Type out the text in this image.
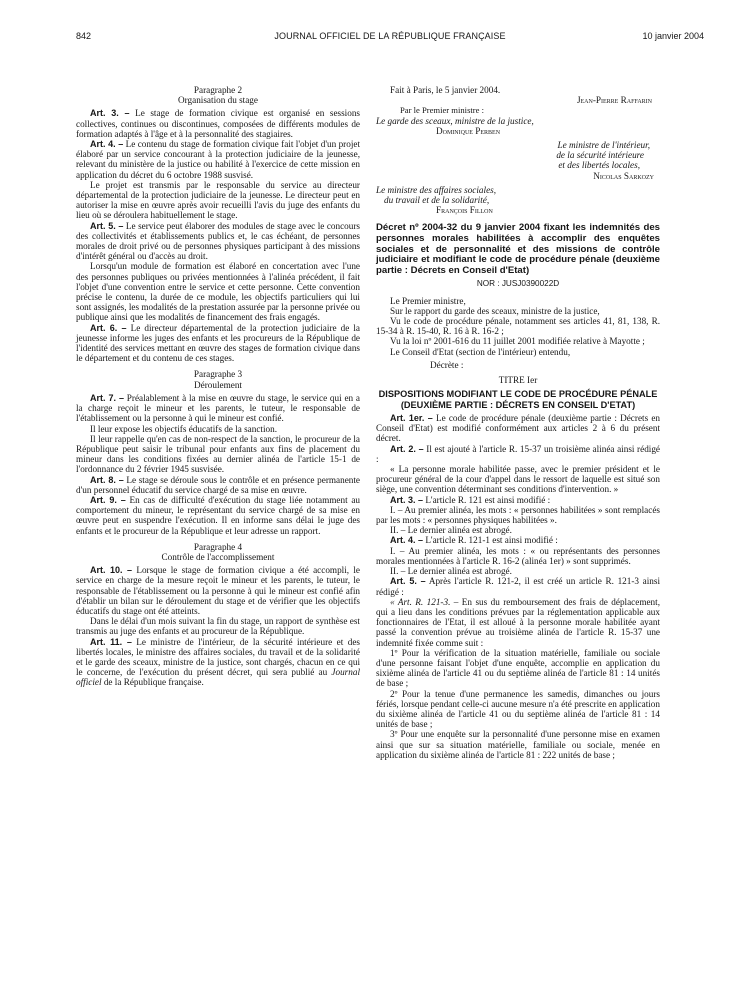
842	JOURNAL OFFICIEL DE LA RÉPUBLIQUE FRANÇAISE	10 janvier 2004

Paragraphe 2

Organisation du stage

Art. 3. – Le stage de formation civique est organisé en sessions collectives, continues ou discontinues, composées de différents modules de formation adaptés à l'âge et à la personnalité des stagiaires.

Art. 4. – Le contenu du stage de formation civique fait l'objet d'un projet élaboré par un service concourant à la protection judiciaire de la jeunesse, relevant du ministère de la justice ou habilité à l'exercice de cette mission en application du décret du 6 octobre 1988 susvisé.

Le projet est transmis par le responsable du service au directeur départemental de la protection judiciaire de la jeunesse. Le directeur peut en autoriser la mise en œuvre après avoir recueilli l'avis du juge des enfants du lieu où se déroulera habituellement le stage.

Art. 5. – Le service peut élaborer des modules de stage avec le concours des collectivités et établissements publics et, le cas échéant, de personnes morales de droit privé ou de personnes physiques participant à des missions d'intérêt général ou d'accès au droit.

Lorsqu'un module de formation est élaboré en concertation avec l'une des personnes publiques ou privées mentionnées à l'alinéa précédent, il fait l'objet d'une convention entre le service et cette personne. Cette convention précise le contenu, la durée de ce module, les objectifs particuliers qui lui sont assignés, les modalités de la prestation assurée par la personne privée ou publique ainsi que les modalités de financement des frais engagés.

Art. 6. – Le directeur départemental de la protection judiciaire de la jeunesse informe les juges des enfants et les procureurs de la République de l'identité des services mettant en œuvre des stages de formation civique dans le département et du contenu de ces stages.

Paragraphe 3

Déroulement

Art. 7. – Préalablement à la mise en œuvre du stage, le service qui en a la charge reçoit le mineur et les parents, le tuteur, le responsable de l'établissement ou la personne à qui le mineur est confié.

Il leur expose les objectifs éducatifs de la sanction.

Il leur rappelle qu'en cas de non-respect de la sanction, le procureur de la République peut saisir le tribunal pour enfants aux fins de placement du mineur dans les conditions fixées au dernier alinéa de l'article 15-1 de l'ordonnance du 2 février 1945 susvisée.

Art. 8. – Le stage se déroule sous le contrôle et en présence permanente d'un personnel éducatif du service chargé de sa mise en œuvre.

Art. 9. – En cas de difficulté d'exécution du stage liée notamment au comportement du mineur, le représentant du service chargé de sa mise en œuvre peut en suspendre l'exécution. Il en informe sans délai le juge des enfants et le procureur de la République et leur adresse un rapport.

Paragraphe 4

Contrôle de l'accomplissement

Art. 10. – Lorsque le stage de formation civique a été accompli, le service en charge de la mesure reçoit le mineur et les parents, le tuteur, le responsable de l'établissement ou la personne à qui le mineur est confié afin d'établir un bilan sur le déroulement du stage et de vérifier que les objectifs éducatifs du stage ont été atteints.

Dans le délai d'un mois suivant la fin du stage, un rapport de synthèse est transmis au juge des enfants et au procureur de la République.

Art. 11. – Le ministre de l'intérieur, de la sécurité intérieure et des libertés locales, le ministre des affaires sociales, du travail et de la solidarité et le garde des sceaux, ministre de la justice, sont chargés, chacun en ce qui le concerne, de l'exécution du présent décret, qui sera publié au Journal officiel de la République française.

Fait à Paris, le 5 janvier 2004.

Jean-Pierre Raffarin

Par le Premier ministre :

Le garde des sceaux, ministre de la justice,

Dominique Perben

Le ministre de l'intérieur,

de la sécurité intérieure

et des libertés locales,

Nicolas Sarkozy

Le ministre des affaires sociales,

du travail et de la solidarité,

François Fillon

Décret nº 2004-32 du 9 janvier 2004 fixant les indemnités des personnes morales habilitées à accomplir des enquêtes sociales et de personnalité et des missions de contrôle judiciaire et modifiant le code de procédure pénale (deuxième partie : Décrets en Conseil d'Etat)

NOR : JUSJ0390022D

Le Premier ministre,

Sur le rapport du garde des sceaux, ministre de la justice,

Vu le code de procédure pénale, notamment ses articles 41, 81, 138, R. 15-34 à R. 15-40, R. 16 à R. 16-2 ;

Vu la loi nº 2001-616 du 11 juillet 2001 modifiée relative à Mayotte ;

Le Conseil d'Etat (section de l'intérieur) entendu,

Décrète :

TITRE Ier

DISPOSITIONS MODIFIANT LE CODE DE PROCÉDURE PÉNALE (DEUXIÈME PARTIE : DÉCRETS EN CONSEIL D'ETAT)

Art. 1er. – Le code de procédure pénale (deuxième partie : Décrets en Conseil d'Etat) est modifié conformément aux articles 2 à 6 du présent décret.

Art. 2. – Il est ajouté à l'article R. 15-37 un troisième alinéa ainsi rédigé :

« La personne morale habilitée passe, avec le premier président et le procureur général de la cour d'appel dans le ressort de laquelle est situé son siège, une convention déterminant ses conditions d'intervention. »

Art. 3. – L'article R. 121 est ainsi modifié :

I. – Au premier alinéa, les mots : « personnes habilitées » sont remplacés par les mots : « personnes physiques habilitées ».

II. – Le dernier alinéa est abrogé.

Art. 4. – L'article R. 121-1 est ainsi modifié :

I. – Au premier alinéa, les mots : « ou représentants des personnes morales mentionnées à l'article R. 16-2 (alinéa 1er) » sont supprimés.

II. – Le dernier alinéa est abrogé.

Art. 5. – Après l'article R. 121-2, il est créé un article R. 121-3 ainsi rédigé :

« Art. R. 121-3. – En sus du remboursement des frais de déplacement, qui a lieu dans les conditions prévues par la réglementation applicable aux fonctionnaires de l'Etat, il est alloué à la personne morale habilitée ayant passé la convention prévue au troisième alinéa de l'article R. 15-37 une indemnité fixée comme suit :

1º Pour la vérification de la situation matérielle, familiale ou sociale d'une personne faisant l'objet d'une enquête, accomplie en application du sixième alinéa de l'article 41 ou du septième alinéa de l'article 81 : 14 unités de base ;

2º Pour la tenue d'une permanence les samedis, dimanches ou jours fériés, lorsque pendant celle-ci aucune mesure n'a été prescrite en application du sixième alinéa de l'article 41 ou du septième alinéa de l'article 81 : 14 unités de base ;

3º Pour une enquête sur la personnalité d'une personne mise en examen ainsi que sur sa situation matérielle, familiale ou sociale, menée en application du sixième alinéa de l'article 81 : 222 unités de base ;
